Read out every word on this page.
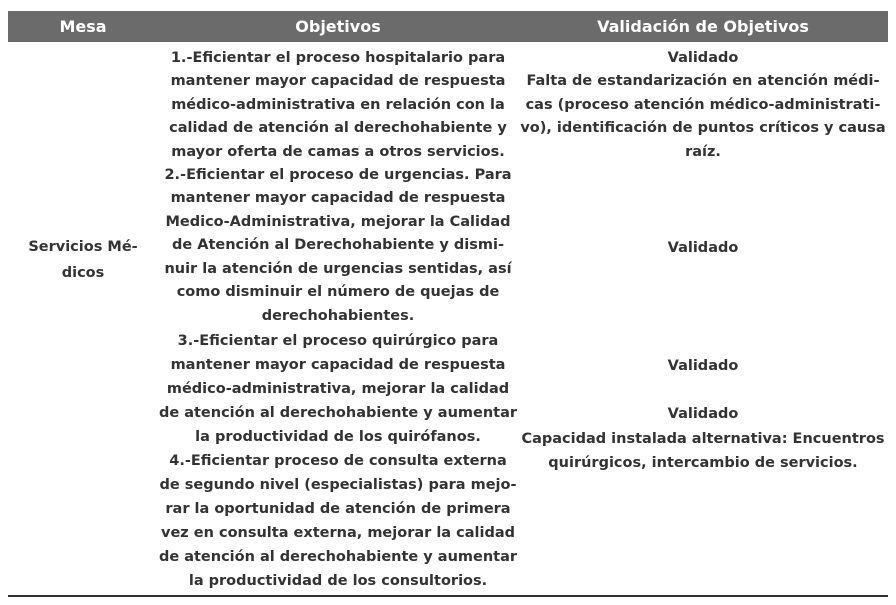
Mesa	Objetivos	Validación de Objetivos
Servicios Mé-
dicos
1.-Eficientar el proceso hospitalario para
mantener mayor capacidad de respuesta
médico-administrativa en relación con la
calidad de atención al derechohabiente y
mayor oferta de camas a otros servicios.
2.-Eficientar el proceso de urgencias. Para
mantener mayor capacidad de respuesta
Medico-Administrativa, mejorar la Calidad
de Atención al Derechohabiente y dismi-
nuir la atención de urgencias sentidas, así
como disminuir el número de quejas de
derechohabientes.
3.-Eficientar el proceso quirúrgico para
mantener mayor capacidad de respuesta
médico-administrativa, mejorar la calidad
de atención al derechohabiente y aumentar
la productividad de los quirófanos.
4.-Eficientar proceso de consulta externa
de segundo nivel (especialistas) para mejo-
rar la oportunidad de atención de primera
vez en consulta externa, mejorar la calidad
de atención al derechohabiente y aumentar
la productividad de los consultorios.
Validado
Falta de estandarización en atención médi-
cas (proceso atención médico-administrati-
vo), identificación de puntos críticos y causa
raíz.
Validado
Validado
Validado
Capacidad instalada alternativa: Encuentros
quirúrgicos, intercambio de servicios.
